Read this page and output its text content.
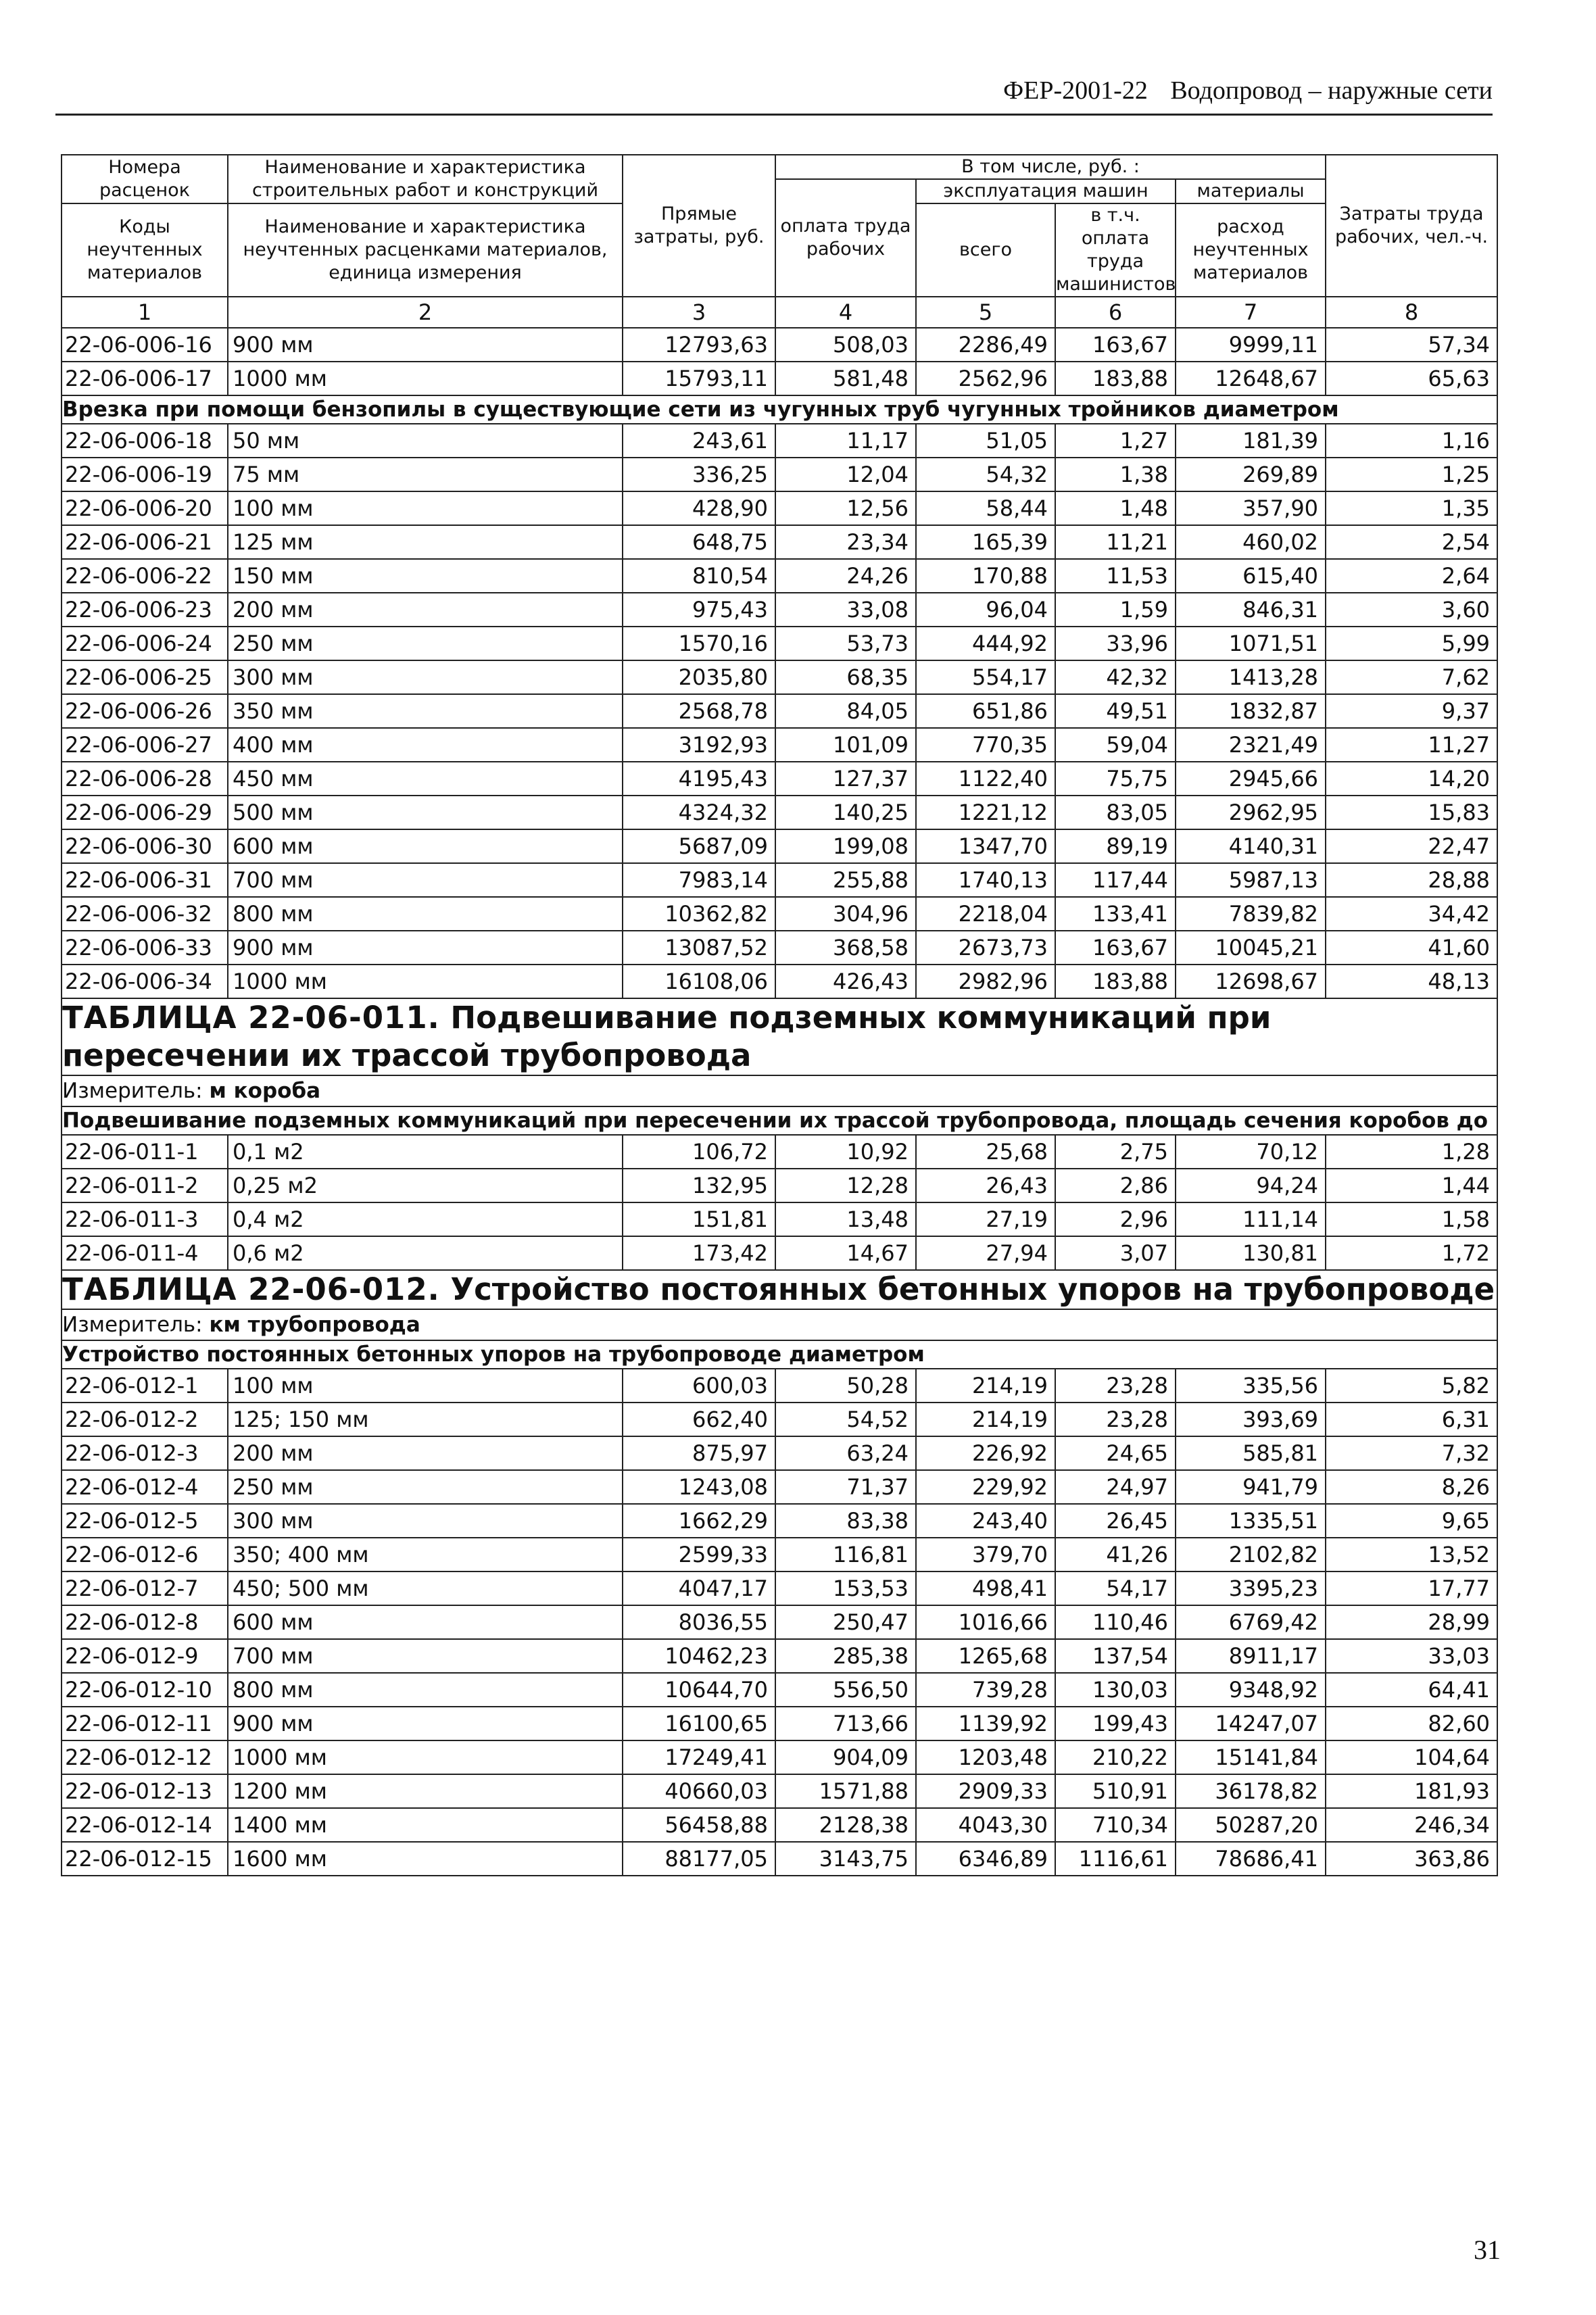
ФЕР-2001-22 Водопровод – наружные сети
Номера расценок	Наименование и характеристика строительных работ и конструкций	Прямые затраты, руб.	В том числе, руб. :				Затраты труда рабочих, чел.-ч.
			оплата труда рабочих	эксплуатация машин		материалы	
Коды неучтенных материалов	Наименование и характеристика неучтенных расценками материалов, единица измерения			всего	в т.ч. оплата труда машинистов	расход неучтенных материалов	

1	2	3	4	5	6	7	8
22-06-006-16	900 мм	12793,63	508,03	2286,49	163,67	9999,11	57,34
22-06-006-17	1000 мм	15793,11	581,48	2562,96	183,88	12648,67	65,63
Врезка при помощи бензопилы в существующие сети из чугунных труб чугунных тройников диаметром							
22-06-006-18	50 мм	243,61	11,17	51,05	1,27	181,39	1,16
22-06-006-19	75 мм	336,25	12,04	54,32	1,38	269,89	1,25
22-06-006-20	100 мм	428,90	12,56	58,44	1,48	357,90	1,35
22-06-006-21	125 мм	648,75	23,34	165,39	11,21	460,02	2,54
22-06-006-22	150 мм	810,54	24,26	170,88	11,53	615,40	2,64
22-06-006-23	200 мм	975,43	33,08	96,04	1,59	846,31	3,60
22-06-006-24	250 мм	1570,16	53,73	444,92	33,96	1071,51	5,99
22-06-006-25	300 мм	2035,80	68,35	554,17	42,32	1413,28	7,62
22-06-006-26	350 мм	2568,78	84,05	651,86	49,51	1832,87	9,37
22-06-006-27	400 мм	3192,93	101,09	770,35	59,04	2321,49	11,27
22-06-006-28	450 мм	4195,43	127,37	1122,40	75,75	2945,66	14,20
22-06-006-29	500 мм	4324,32	140,25	1221,12	83,05	2962,95	15,83
22-06-006-30	600 мм	5687,09	199,08	1347,70	89,19	4140,31	22,47
22-06-006-31	700 мм	7983,14	255,88	1740,13	117,44	5987,13	28,88
22-06-006-32	800 мм	10362,82	304,96	2218,04	133,41	7839,82	34,42
22-06-006-33	900 мм	13087,52	368,58	2673,73	163,67	10045,21	41,60
22-06-006-34	1000 мм	16108,06	426,43	2982,96	183,88	12698,67	48,13
ТАБЛИЦА 22-06-011. Подвешивание подземных коммуникаций при пересечении их трассой трубопровода							
Измеритель: м короба							
Подвешивание подземных коммуникаций при пересечении их трассой трубопровода, площадь сечения коробов до							
22-06-011-1	0,1 м2	106,72	10,92	25,68	2,75	70,12	1,28
22-06-011-2	0,25 м2	132,95	12,28	26,43	2,86	94,24	1,44
22-06-011-3	0,4 м2	151,81	13,48	27,19	2,96	111,14	1,58
22-06-011-4	0,6 м2	173,42	14,67	27,94	3,07	130,81	1,72
ТАБЛИЦА 22-06-012. Устройство постоянных бетонных упоров на трубопроводе							
Измеритель: км трубопровода							
Устройство постоянных бетонных упоров на трубопроводе диаметром							
22-06-012-1	100 мм	600,03	50,28	214,19	23,28	335,56	5,82
22-06-012-2	125; 150 мм	662,40	54,52	214,19	23,28	393,69	6,31
22-06-012-3	200 мм	875,97	63,24	226,92	24,65	585,81	7,32
22-06-012-4	250 мм	1243,08	71,37	229,92	24,97	941,79	8,26
22-06-012-5	300 мм	1662,29	83,38	243,40	26,45	1335,51	9,65
22-06-012-6	350; 400 мм	2599,33	116,81	379,70	41,26	2102,82	13,52
22-06-012-7	450; 500 мм	4047,17	153,53	498,41	54,17	3395,23	17,77
22-06-012-8	600 мм	8036,55	250,47	1016,66	110,46	6769,42	28,99
22-06-012-9	700 мм	10462,23	285,38	1265,68	137,54	8911,17	33,03
22-06-012-10	800 мм	10644,70	556,50	739,28	130,03	9348,92	64,41
22-06-012-11	900 мм	16100,65	713,66	1139,92	199,43	14247,07	82,60
22-06-012-12	1000 мм	17249,41	904,09	1203,48	210,22	15141,84	104,64
22-06-012-13	1200 мм	40660,03	1571,88	2909,33	510,91	36178,82	181,93
22-06-012-14	1400 мм	56458,88	2128,38	4043,30	710,34	50287,20	246,34
22-06-012-15	1600 мм	88177,05	3143,75	6346,89	1116,61	78686,41	363,86
31
